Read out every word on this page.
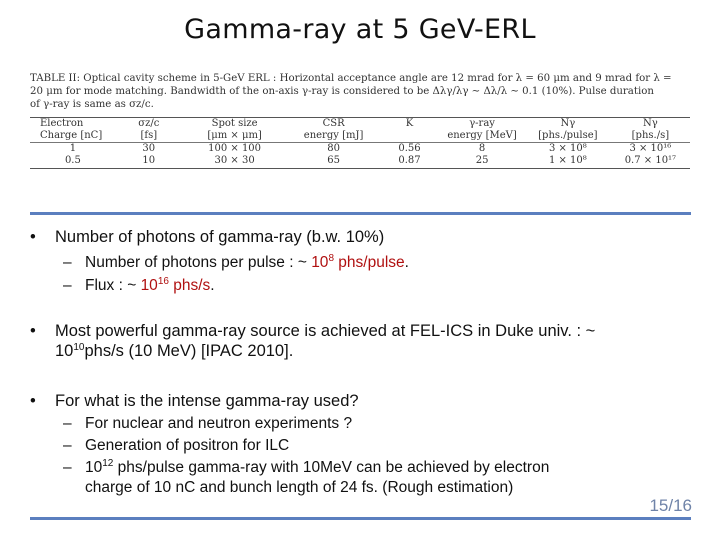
Gamma-ray at 5 GeV-ERL

TABLE II: Optical cavity scheme in 5-GeV ERL : Horizontal acceptance angle are 12 mrad for λ = 60 μm and 9 mrad for λ =
20 μm for mode matching. Bandwidth of the on-axis γ-ray is considered to be Δλγ/λγ ∼ Δλ/λ ∼ 0.1 (10%). Pulse duration
of γ-ray is same as σz/c.

Electron	σz/c	Spot size	CSR	K	γ-ray	Nγ	Nγ
Charge [nC]	[fs]	[μm × μm]	energy [mJ]		energy [MeV]	[phs./pulse]	[phs./s]
1	30	100 × 100	80	0.56	8	3 × 10⁸	3 × 10¹⁶
0.5	10	30 × 30	65	0.87	25	1 × 10⁸	0.7 × 10¹⁷
•	Number of photons of gamma-ray (b.w. 10%)
– Number of photons per pulse : ~ $10^8$ phs/pulse.
– Flux : ~ $10^{16}$ phs/s.
•	Most powerful gamma-ray source is achieved at FEL-ICS in Duke univ. : ~
$10^{10}phs/s$ (10 MeV) [IPAC 2010].
•	For what is the intense gamma-ray used?
– For nuclear and neutron experiments ?
– Generation of positron for ILC
– $10^{12}$ phs/pulse gamma-ray with 10MeV can be achieved by electron
charge of 10 nC and bunch length of 24 fs. (Rough estimation)
15/16
